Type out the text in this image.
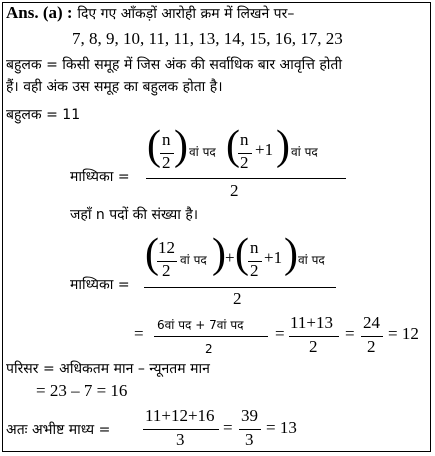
Ans. (a) : दिए गए आँकड़ों आरोही क्रम में लिखने पर–
7, 8, 9, 10, 11, 11, 13, 14, 15, 16, 17, 23
बहुलक = किसी समूह में जिस अंक की सर्वाधिक बार आवृत्ति होती
हैं। वही अंक उस समूह का बहुलक होता है।
बहुलक = 11
माध्यिका =
( n
2 ) वां पद ( n
2
+1 ) वां पद
2
जहाँ n पदों की संख्या है।
माध्यिका =
( 12
2
वां पद ) + ( n
2
+1 ) वां पद
2
= 6वां पद + 7वां पद
2
=
11+13
2
=
24
2
= 12
परिसर = अधिकतम मान – न्यूनतम मान
= 23 – 7 = 16
अतः अभीष्ट माध्य =
11+12+16
3
=
39
3
= 13
